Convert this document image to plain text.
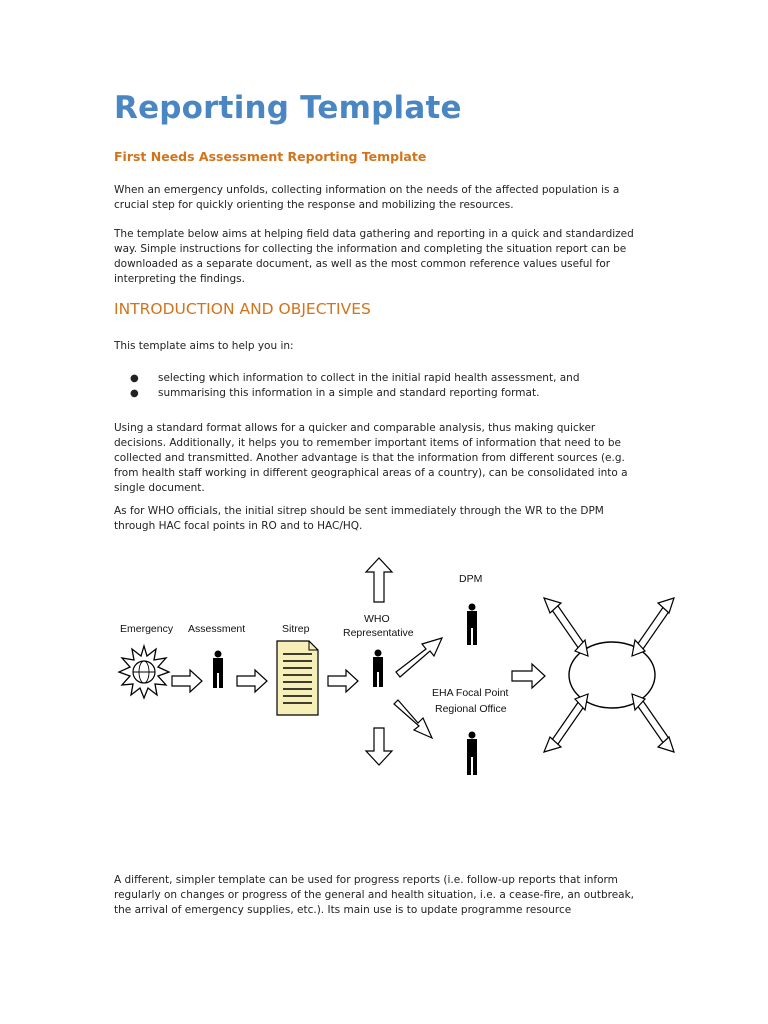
Reporting Template
First Needs Assessment Reporting Template

When an emergency unfolds, collecting information on the needs of the affected population is a crucial step for quickly orienting the response and mobilizing the resources.

The template below aims at helping field data gathering and reporting in a quick and standardized way. Simple instructions for collecting the information and completing the situation report can be downloaded as a separate document, as well as the most common reference values useful for interpreting the findings.

INTRODUCTION AND OBJECTIVES

This template aims to help you in:

● selecting which information to collect in the initial rapid health assessment, and
● summarising this information in a simple and standard reporting format.

Using a standard format allows for a quicker and comparable analysis, thus making quicker decisions. Additionally, it helps you to remember important items of information that need to be collected and transmitted. Another advantage is that the information from different sources (e.g. from health staff working in different geographical areas of a country), can be consolidated into a single document.

As for WHO officials, the initial sitrep should be sent immediately through the WR to the DPM through HAC focal points in RO and to HAC/HQ.

A different, simpler template can be used for progress reports (i.e. follow-up reports that inform regularly on changes or progress of the general and health situation, i.e. a cease-fire, an outbreak, the arrival of emergency supplies, etc.). Its main use is to update programme resource

Emergency Assessment	Sitrep
WHO
Representative
DPM
EHA Focal Point
Regional Office
